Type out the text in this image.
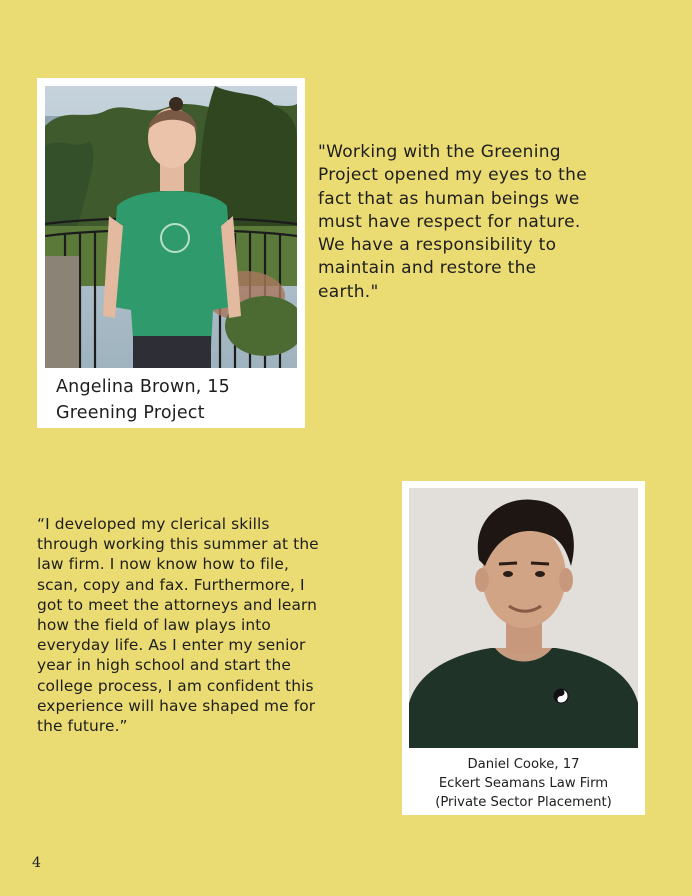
Angelina Brown, 15
Greening Project

"Working with the Greening
Project opened my eyes to the
fact that as human beings we
must have respect for nature.
We have a responsibility to
maintain and restore the
earth."

“I developed my clerical skills
through working this summer at the
law firm. I now know how to file,
scan, copy and fax. Furthermore, I
got to meet the attorneys and learn
how the field of law plays into
everyday life. As I enter my senior
year in high school and start the
college process, I am confident this
experience will have shaped me for
the future.”

Daniel Cooke, 17
Eckert Seamans Law Firm
(Private Sector Placement)
4
